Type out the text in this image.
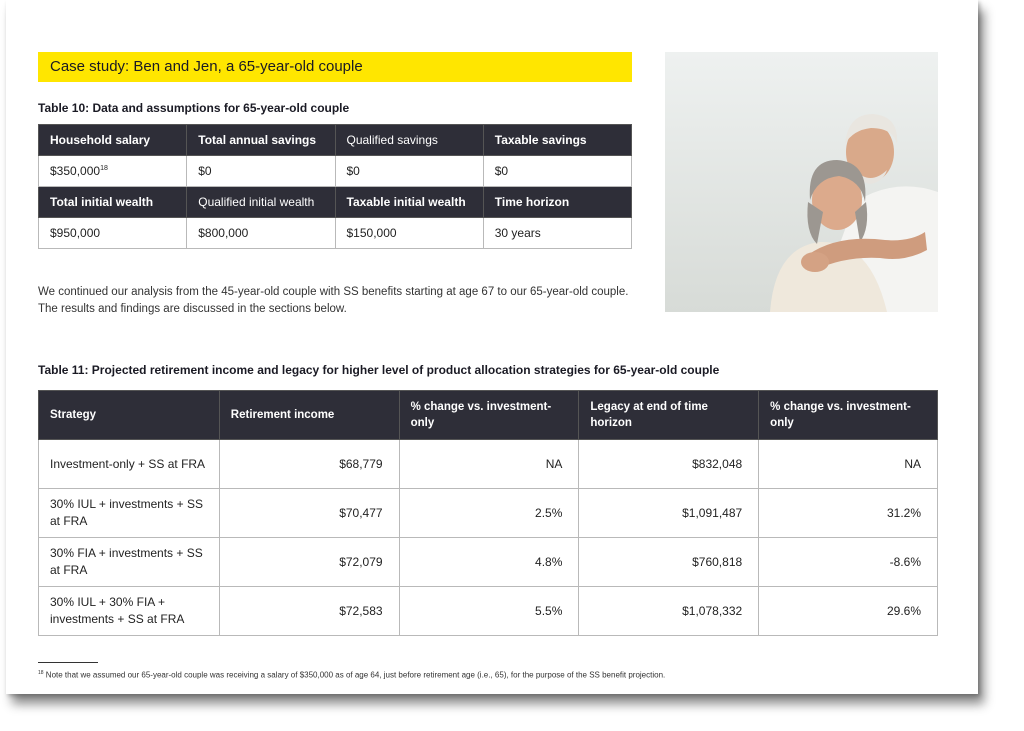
Case study: Ben and Jen, a 65-year-old couple
Table 10: Data and assumptions for 65-year-old couple
Household salary	Total annual savings	Qualified savings	Taxable savings
$350,000$^{18}$	$0	$0	$0
Total initial wealth	Qualified initial wealth	Taxable initial wealth	Time horizon
$950,000	$800,000	$150,000	30 years
We continued our analysis from the 45-year-old couple with SS benefits starting at age 67 to our 65-year-old couple. The results and findings are discussed in the sections below.
Table 11: Projected retirement income and legacy for higher level of product allocation strategies for 65-year-old couple
Strategy	Retirement income	% change vs. investment-only	Legacy at end of time horizon	% change vs. investment-only
Investment-only + SS at FRA	$68,779	NA	$832,048	NA
30% IUL + investments + SS at FRA	$70,477	2.5%	$1,091,487	31.2%
30% FIA + investments + SS at FRA	$72,079	4.8%	$760,818	-8.6%
30% IUL + 30% FIA + investments + SS at FRA	$72,583	5.5%	$1,078,332	29.6%
$^{18}$ Note that we assumed our 65-year-old couple was receiving a salary of $350,000 as of age 64, just before retirement age (i.e., 65), for the purpose of the SS benefit projection.
